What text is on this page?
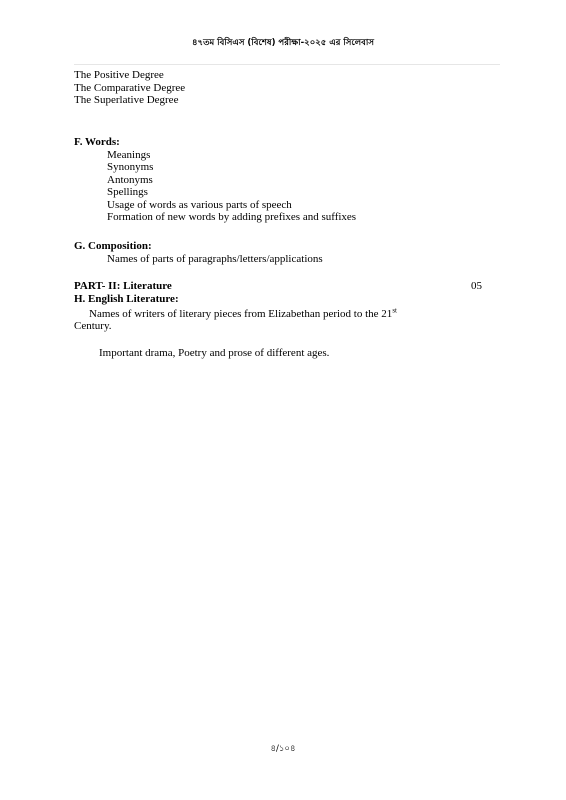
৪৭তম বিসিএস (বিশেষ) পরীক্ষা-২০২৫ এর সিলেবাস
The Positive Degree
The Comparative Degree
The Superlative Degree
F. Words:
Meanings
Synonyms
Antonyms
Spellings
Usage of words as various parts of speech
Formation of new words by adding prefixes and suffixes
G. Composition:
Names of parts of paragraphs/letters/applications
PART- II: Literature	05
H. English Literature:
Names of writers of literary pieces from Elizabethan period to the 21st
Century.
Important drama, Poetry and prose of different ages.
৪/১০৪
